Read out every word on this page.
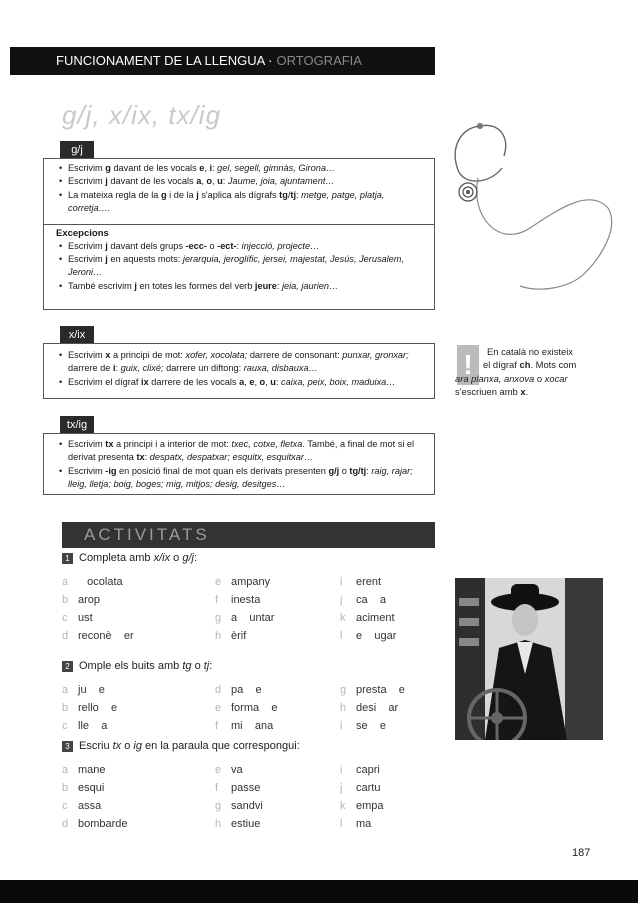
FUNCIONAMENT DE LA LLENGUA · ORTOGRAFIA
g/j, x/ix, tx/ig
g/j
• Escrivim g davant de les vocals e, i: gel, segell, gimnàs, Girona…
• Escrivim j davant de les vocals a, o, u: Jaume, joia, ajuntament…
• La mateixa regla de la g i de la j s'aplica als dígrafs tg/tj: metge, patge, platja, corretja….
Excepcions
• Escrivim j davant dels grups -ecc- o -ect-: injecció, projecte…
• Escrivim j en aquests mots: jerarquia, jeroglífic, jersei, majestat, Jesús, Jerusalem, Jeroni…
• També escrivim j en totes les formes del verb jeure: jeia, jaurien…
x/ix
• Escrivim x a principi de mot: xofer, xocolata; darrere de consonant: punxar, gronxar; darrere de i: guix, clixé; darrere un diftong: rauxa, disbauxa…
• Escrivim el dígraf ix darrere de les vocals a, e, o, u: caixa, peix, boix, maduixa…
tx/ig
• Escrivim tx a principi i a interior de mot: txec, cotxe, fletxa. També, a final de mot si el derivat presenta tx: despatx, despatxar; esquitx, esquitxar…
• Escrivim -ig en posició final de mot quan els derivats presenten g/j o tg/tj: raig, rajar; lleig, lletja; boig, boges; mig, mitjos; desig, desitges…
!	En català no existeix
el dígraf ch. Mots com
ara planxa, anxova o xocar
s'escriuen amb x.
ACTIVITATS
1 Completa amb x/ix o g/j:
2 Omple els buits amb tg o tj:
3 Escriu tx o ig en la paraula que correspongui:
187
a   ocolata
b arop
c ust
d reconè    er
e ampany
f inesta
g a    untar
h èrif
i erent
j ca    a
k aciment
l e    ugar
a ju    e
b rello    e
c lle    a
d pa    e
e forma    e
f mi    ana
g presta    e
h desi    ar
i se    e
a mane
b esqui
c assa
d bombarde
e va
f passe
g sandvi
h estiue
i capri
j cartu
k empa
l ma
